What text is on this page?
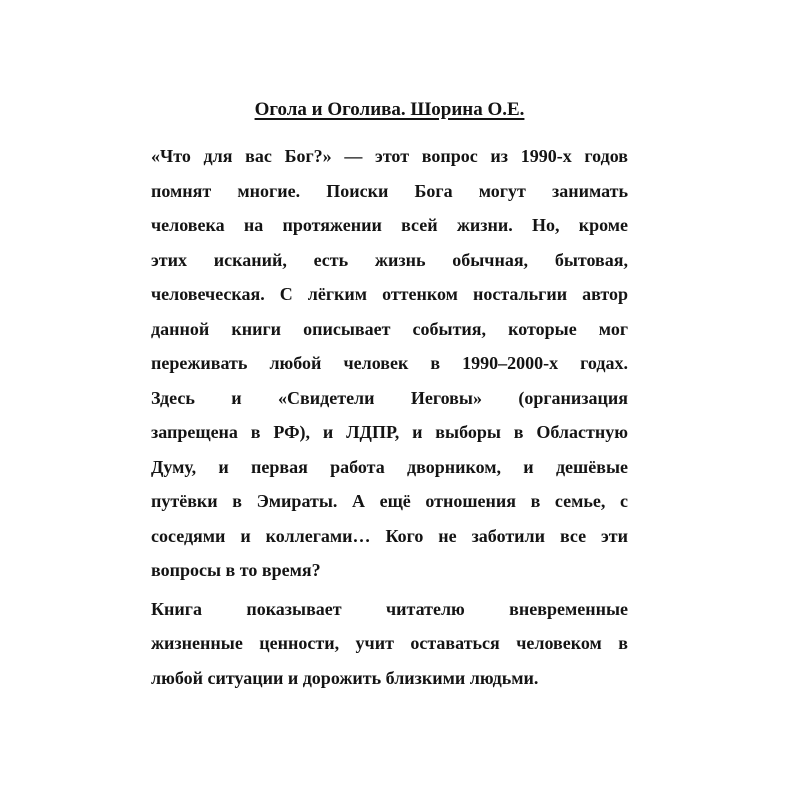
Огола и Оголива. Шорина О.Е.
«Что для вас Бог?» — этот вопрос из 1990-х годов
помнят многие. Поиски Бога могут занимать
человека на протяжении всей жизни. Но, кроме
этих исканий, есть жизнь обычная, бытовая,
человеческая. С лёгким оттенком ностальгии автор
данной книги описывает события, которые мог
переживать любой человек в 1990–2000-х годах.
Здесь и «Свидетели Иеговы» (организация
запрещена в РФ), и ЛДПР, и выборы в Областную
Думу, и первая работа дворником, и дешёвые
путёвки в Эмираты. А ещё отношения в семье, с
соседями и коллегами… Кого не заботили все эти
вопросы в то время?
Книга показывает читателю вневременные
жизненные ценности, учит оставаться человеком в
любой ситуации и дорожить близкими людьми.
